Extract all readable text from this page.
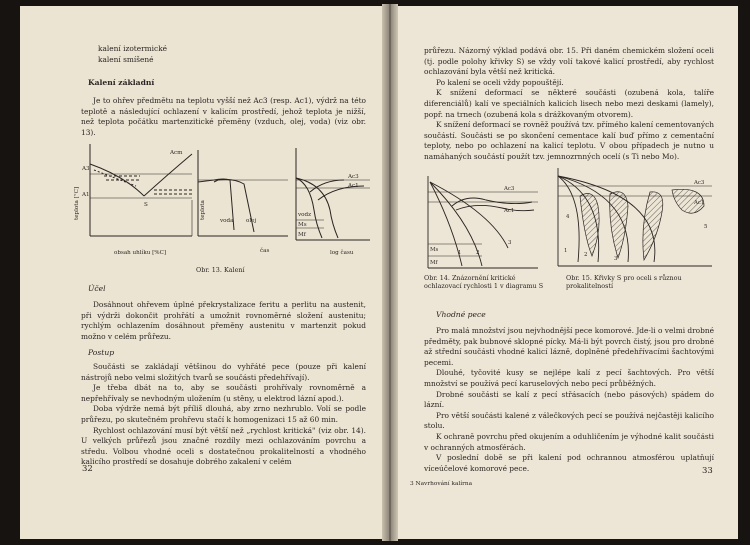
kalení izotermické

kalení smíšené

Kalení základní
Je to ohřev předmětu na teplotu vyšší než Ac3 (resp. Ac1), výdrž na této teplotě a následující ochlazení v kalicím prostředí, jehož teplota je nižší, než teplota počátku martenzitické přeměny (vzduch, olej, voda) (viz obr. 13).
A3
A1
Acm
S
teplota [°C]	teplota
obsah uhlíku [%C]	čas	log času
voda olej
Ac3
Ac1
vodz
Ms
Mf
Obr. 13. Kalení
Účel
Dosáhnout ohřevem úplné překrystalizace feritu a perlitu na austenit, při výdrži dokončit prohřátí a umožnit rovnoměrné složení austenitu; rychlým ochlazením dosáhnout přeměny austenitu v martenzit pokud možno v celém průřezu.
Postup

Součásti se zakládají většinou do vyhřáté pece (pouze při kalení nástrojů nebo velmi složitých tvarů se součásti předehřívají).

Je třeba dbát na to, aby se součásti prohřívaly rovnoměrně a nepřehřívaly se nevhodným uložením (u stěny, u elektrod lázní apod.).

Doba výdrže nemá být příliš dlouhá, aby zrno nezhrublo. Volí se podle průřezu, po skutečném prohřevu stačí k homogenizaci 15 až 60 min.

Rychlost ochlazování musí být větší než „rychlost kritická" (viz obr. 14). U velkých průřezů jsou značné rozdíly mezi ochlazováním povrchu a středu. Volbou vhodné oceli s dostatečnou prokalitelností a vhodného kalicího prostředí se dosahuje dobrého zakalení v celém

32

průřezu. Názorný výklad podává obr. 15. Při daném chemickém složení oceli (tj. podle polohy křivky S) se vždy volí takové kalicí prostředí, aby rychlost ochlazování byla větší než kritická.

Po kalení se oceli vždy popouštějí.

K snížení deformací se některé součásti (ozubená kola, talíře diferenciálů) kalí ve speciálních kalicích lisech nebo mezi deskami (lamely), popř. na trnech (ozubená kola s drážkovaným otvorem).

K snížení deformací se rovněž používá tzv. přímého kalení cementovaných součástí. Součásti se po skončení cementace kalí buď přímo z cementační teploty, nebo po ochlazení na kalicí teplotu. V obou případech je nutno u namáhaných součástí použít tzv. jemnozrnných ocelí (s Ti nebo Mo).

Ac3
Ac1
Ms
Mf
1	2
3
Ac3
Ac1
1
2
3
4
5
Obr. 14. Znázornění kritické ochlazovací rychlosti 1 v diagramu S
Obr. 15. Křivky S pro oceli s různou prokalitelností
Vhodné pece

Pro malá množství jsou nejvhodnější pece komorové. Jde-li o velmi drobné předměty, pak bubnové sklopné pícky. Má-li být povrch čistý, jsou pro drobné až střední součásti vhodné kalicí lázně, doplněné předehřívacími šachtovými pecemi.

Dlouhé, tyčovité kusy se nejlépe kalí z pecí šachtových. Pro větší množství se používá pecí karuselových nebo pecí průběžných.

Drobné součásti se kalí z pecí střásacích (nebo pásových) spádem do lázní.

Pro větší součásti kalené z válečkových pecí se používá nejčastěji kalicího stolu.

K ochraně povrchu před okujením a oduhličením je výhodné kalit součásti v ochranných atmosférách.

V poslední době se při kalení pod ochrannou atmosférou uplatňují víceúčelové komorové pece.	33
3 Navrhování kalírna
